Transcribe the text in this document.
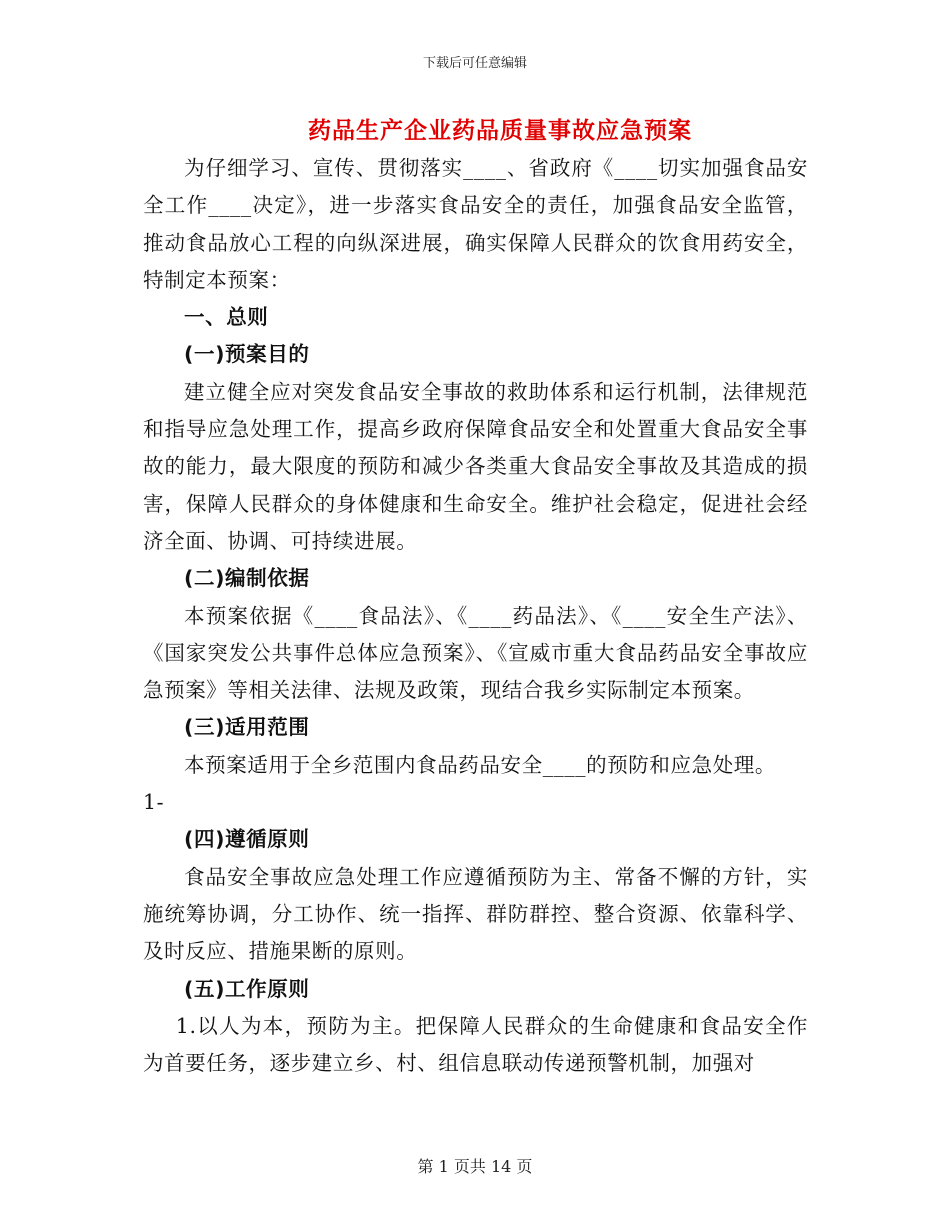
下载后可任意编辑
药品生产企业药品质量事故应急预案

为仔细学习、宣传、贯彻落实____、省政府《____切实加强食品安全工作____决定》，进一步落实食品安全的责任，加强食品安全监管，推动食品放心工程的向纵深进展，确实保障人民群众的饮食用药安全，特制定本预案：

一、总则

(一)预案目的

建立健全应对突发食品安全事故的救助体系和运行机制，法律规范和指导应急处理工作，提高乡政府保障食品安全和处置重大食品安全事故的能力，最大限度的预防和减少各类重大食品安全事故及其造成的损害，保障人民群众的身体健康和生命安全。维护社会稳定，促进社会经济全面、协调、可持续进展。

(二)编制依据

本预案依据《____食品法》、《____药品法》、《____安全生产法》、《国家突发公共事件总体应急预案》、《宣威市重大食品药品安全事故应急预案》等相关法律、法规及政策，现结合我乡实际制定本预案。

(三)适用范围

本预案适用于全乡范围内食品药品安全____的预防和应急处理。

1-

(四)遵循原则

食品安全事故应急处理工作应遵循预防为主、常备不懈的方针，实施统筹协调，分工协作、统一指挥、群防群控、整合资源、依靠科学、及时反应、措施果断的原则。

(五)工作原则

1.以人为本，预防为主。把保障人民群众的生命健康和食品安全作为首要任务，逐步建立乡、村、组信息联动传递预警机制，加强对

第 1 页共 14 页
